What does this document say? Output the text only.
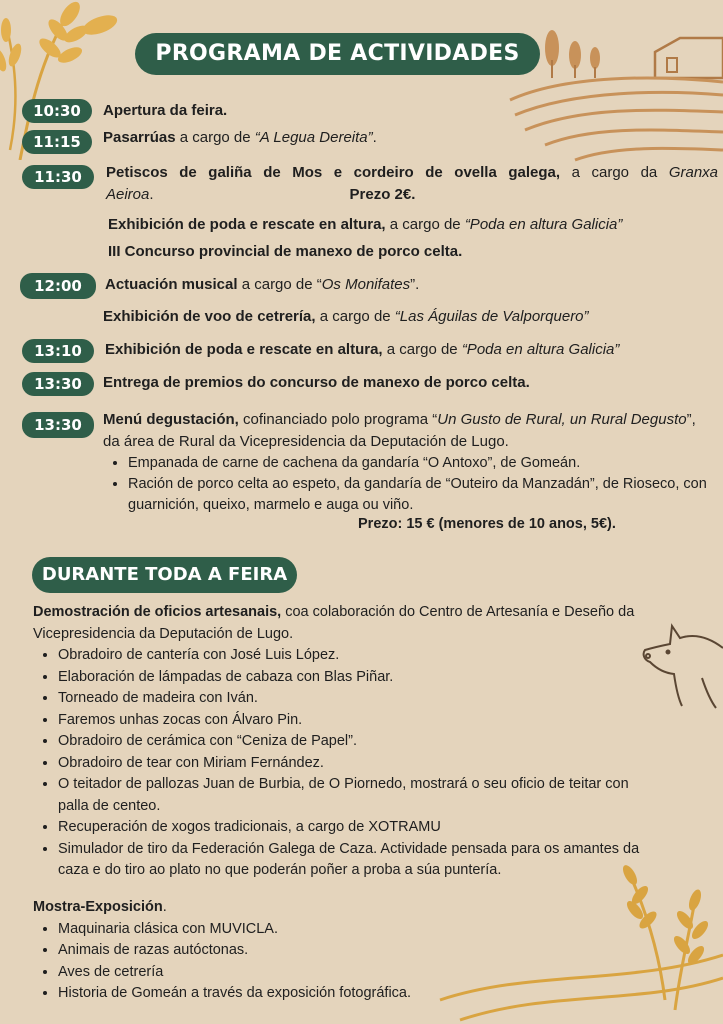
PROGRAMA DE ACTIVIDADES
10:30
11:15
11:30
12:00
13:10
13:30
13:30
Apertura da feira.
Pasarrúas a cargo de “A Legua Dereita”.
Petiscos de galiña de Mos e cordeiro de ovella galega, a cargo da Granxa Aeiroa.	Prezo 2€.
Exhibición de poda e rescate en altura, a cargo de “Poda en altura Galicia”
III Concurso provincial de manexo de porco celta.
Actuación musical a cargo de “Os Monifates”.
Exhibición de voo de cetrería, a cargo de “Las Águilas de Valporquero”
Exhibición de poda e rescate en altura, a cargo de “Poda en altura Galicia”
Entrega de premios do concurso de manexo de porco celta.
Menú degustación, cofinanciado polo programa “Un Gusto de Rural, un Rural Degusto”, da área de Rural da Vicepresidencia da Deputación de Lugo.
• Empanada de carne de cachena da gandaría “O Antoxo”, de Gomeán.
• Ración de porco celta ao espeto, da gandaría de “Outeiro da Manzadán”, de Rioseco, con guarnición, queixo, marmelo e auga ou viño.
Prezo: 15 € (menores de 10 anos, 5€).
DURANTE TODA A FEIRA
Demostración de oficios artesanais, coa colaboración do Centro de Artesanía e Deseño da Vicepresidencia da Deputación de Lugo.
• Obradoiro de cantería con José Luis López.
• Elaboración de lámpadas de cabaza con Blas Piñar.
• Torneado de madeira con Iván.
• Faremos unhas zocas con Álvaro Pin.
• Obradoiro de cerámica con “Ceniza de Papel”.
• Obradoiro de tear con Miriam Fernández.
• O teitador de pallozas Juan de Burbia, de O Piornedo, mostrará o seu oficio de teitar con palla de centeo.
• Recuperación de xogos tradicionais, a cargo de XOTRAMU
• Simulador de tiro da Federación Galega de Caza. Actividade pensada para os amantes da caza e do tiro ao plato no que poderán poñer a proba a súa puntería.
Mostra-Exposición.
• Maquinaria clásica con MUVICLA.
• Animais de razas autóctonas.
• Aves de cetrería
• Historia de Gomeán a través da exposición fotográfica.
